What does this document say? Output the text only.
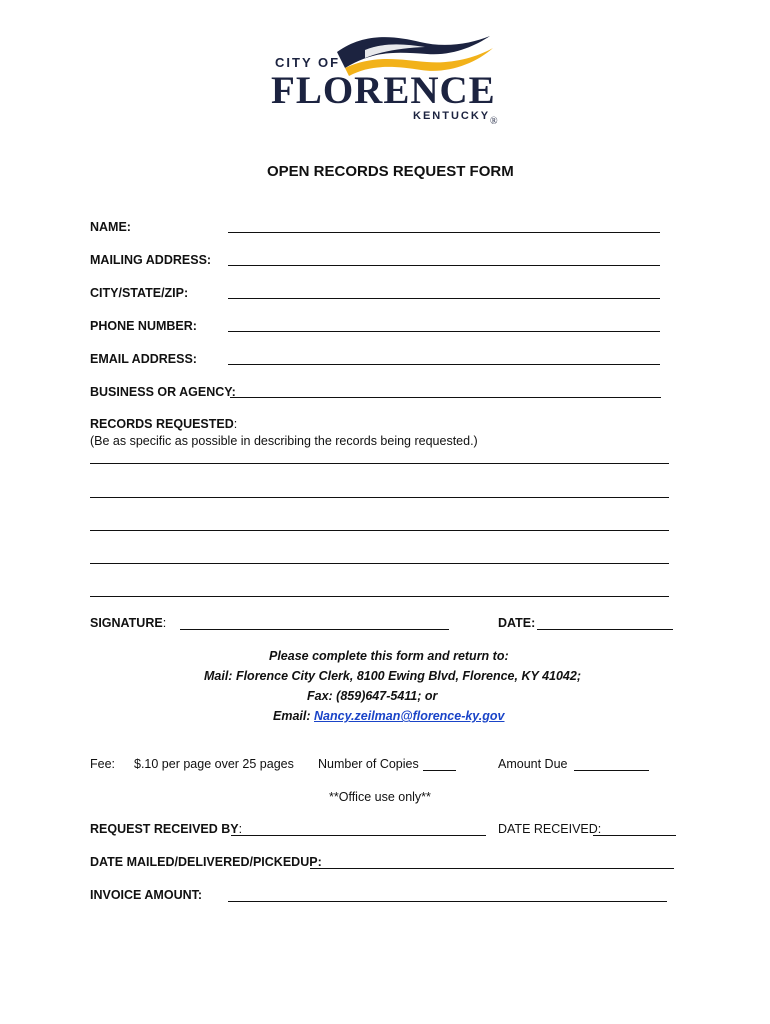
CITY OF
FLORENCE
KENTUCKY ®
OPEN RECORDS REQUEST FORM
NAME:
MAILING ADDRESS:
CITY/STATE/ZIP:
PHONE NUMBER:
EMAIL ADDRESS:
BUSINESS OR AGENCY:
RECORDS REQUESTED:
(Be as specific as possible in describing the records being requested.)
SIGNATURE:	DATE:
Please complete this form and return to:
Mail: Florence City Clerk, 8100 Ewing Blvd, Florence, KY 41042;
Fax: (859)647-5411; or
Email: Nancy.zeilman@florence-ky.gov
Fee: $.10 per page over 25 pages Number of Copies	Amount Due
**Office use only**
REQUEST RECEIVED BY:	DATE RECEIVED:
DATE MAILED/DELIVERED/PICKEDUP:
INVOICE AMOUNT:
